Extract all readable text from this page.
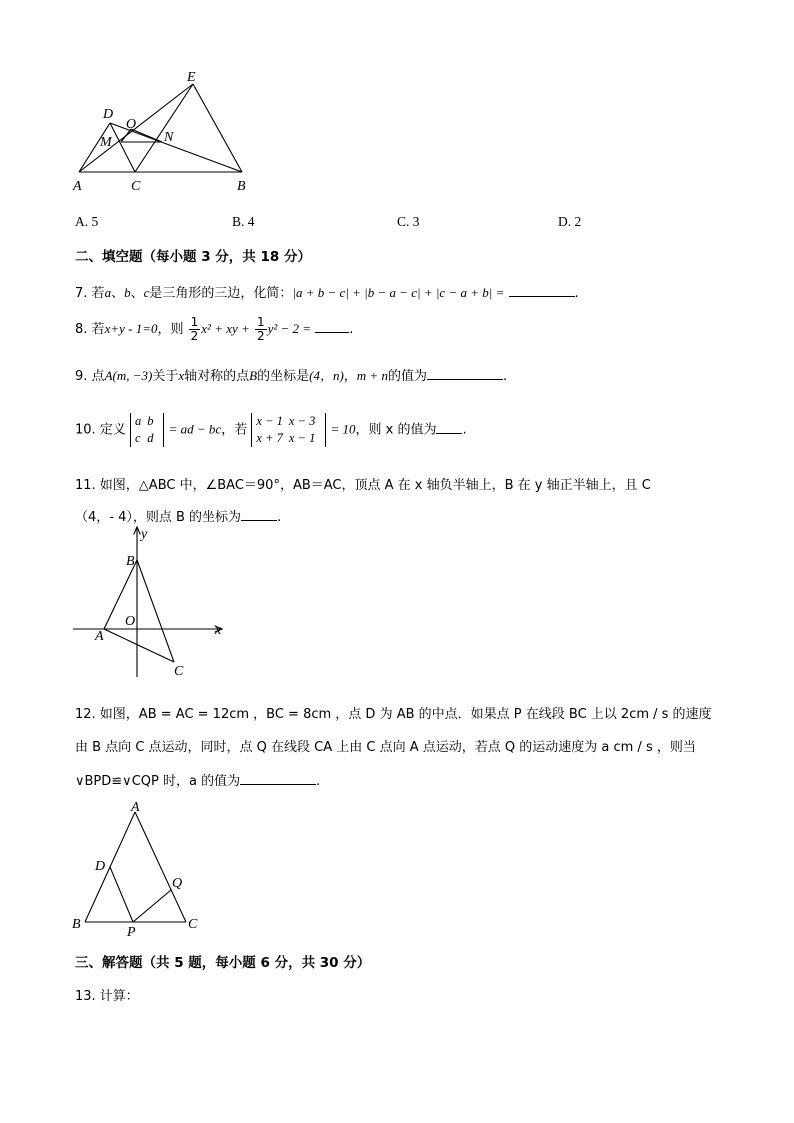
E
D
O
M	N
A	C	B
A. 5	B. 4	C. 3	D. 2
二、填空题（每小题 3 分，共 18 分）
7. 若a、b、c是三角形的三边，化简：|a + b − c| + |b − a − c| + |c − a + b| =	.
8. 若x+y - 1=0，则 $\frac{1}{2} x^2$ + xy + $\frac{1}{2} y^2 - 2$ =	.
9. 点A(m, −3)关于x轴对称的点B的坐标是(4，n)，m + n的值为	.
10. 定义
a	b
c	d
= ad − bc，若
x − 1	x − 3
x + 7	x − 1
= 10，则 x 的值为 .
11. 如图，△ABC 中，∠BAC＝90°，AB＝AC，顶点 A 在 x 轴负半轴上，B 在 y 轴正半轴上，且 C
（4，- 4），则点 B 的坐标为	.
y
B
O
x
A
C
12. 如图，AB = AC = 12cm ，BC = 8cm ，点 D 为 AB 的中点．如果点 P 在线段 BC 上以 2cm / s 的速度
由 B 点向 C 点运动，同时，点 Q 在线段 CA 上由 C 点向 A 点运动，若点 Q 的运动速度为 a cm / s ，则当
∨BPD≌∨CQP 时，a 的值为	.
A
D
Q
B
P
C
三、解答题（共 5 题，每小题 6 分，共 30 分）
13. 计算：
